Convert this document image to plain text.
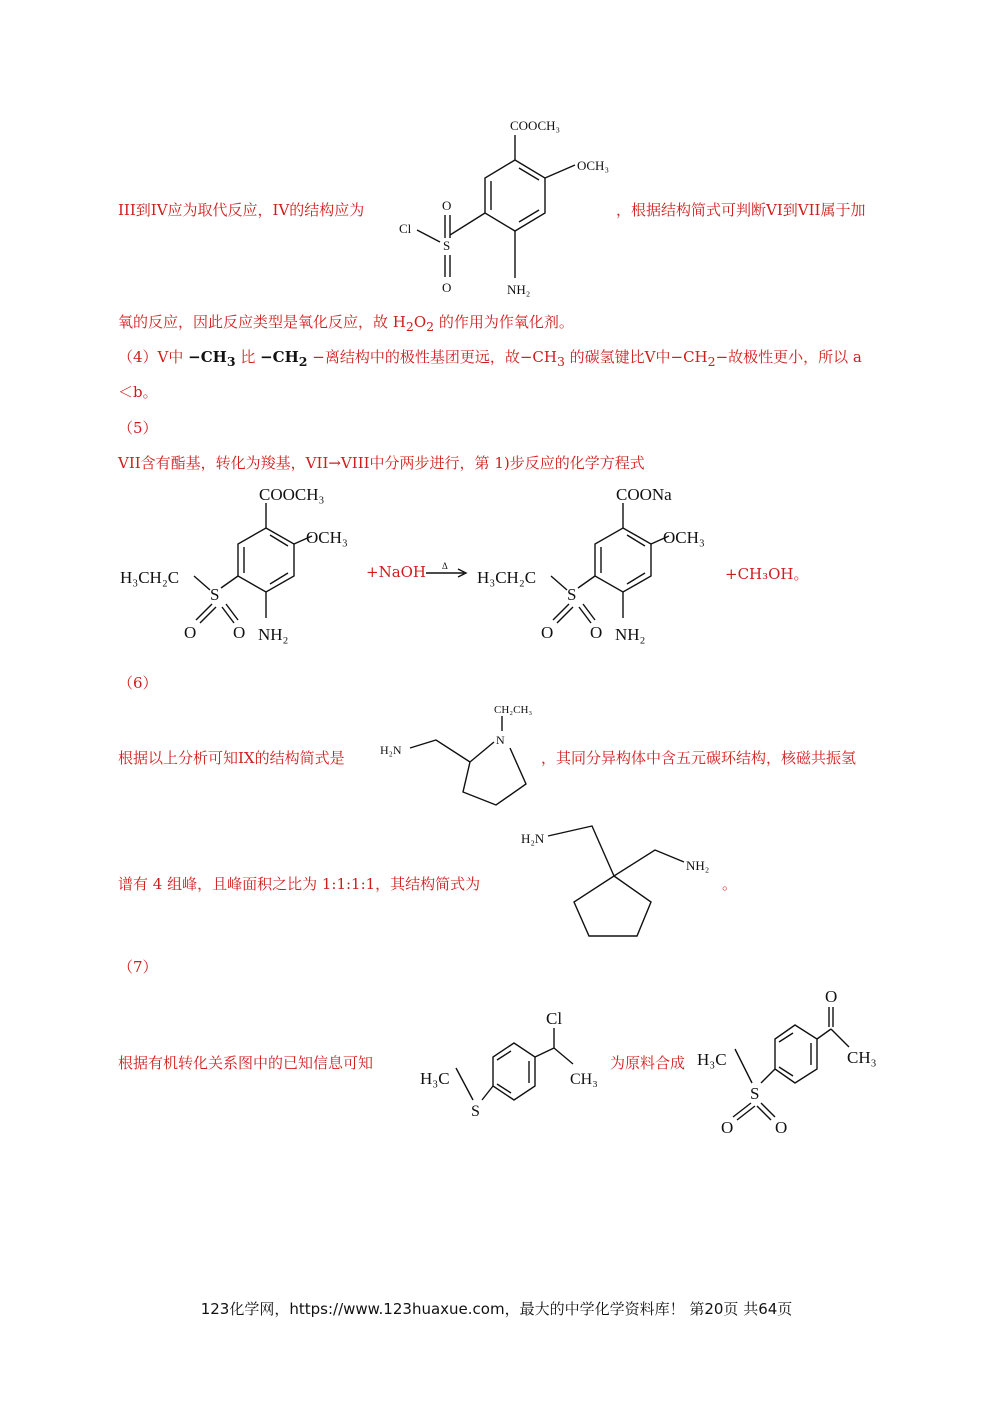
III到IV应为取代反应，IV的结构应为
COOCH₃
OCH₃
NH₂
S
O
O
Cl
，根据结构简式可判断VI到VII属于加
氧的反应，因此反应类型是氧化反应，故 $H_2O_2$ 的作用为作氧化剂。
（4）V中 $-CH_3$ 比 $-CH_2$ −离结构中的极性基团更远，故$-CH_3$ 的碳氢键比V中$-CH_2-$故极性更小，所以 a
＜b。
（5）
VII含有酯基，转化为羧基，VII→VIII中分两步进行，第 1)步反应的化学方程式
COOCH₃
OCH₃
NH₂
S
H₃CH₂C
O O
+NaOH Δ
COONa
OCH₃
NH₂
S
H₃CH₂C
O O
+CH₃OH。
（6）
根据以上分析可知IX的结构简式是
CH₂CH₃
N
H₂N	，其同分异构体中含五元碳环结构，核磁共振氢
谱有 4 组峰，且峰面积之比为 1:1:1:1，其结构简式为
H₂N
NH₂
。
（7）
根据有机转化关系图中的已知信息可知
Cl
CH₃
S
H₃C
为原料合成
O
CH₃
S
H₃C
O O
123化学网，https://www.123huaxue.com，最大的中学化学资料库！ 第20页 共64页
